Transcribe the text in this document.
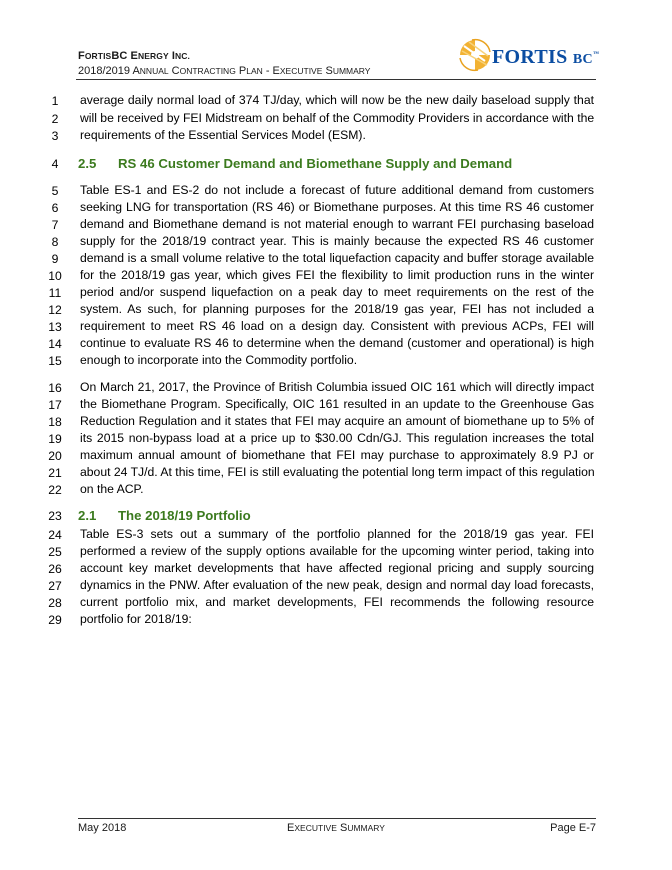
FORTISBC ENERGY INC.
2018/2019 ANNUAL CONTRACTING PLAN - EXECUTIVE SUMMARY
FORTIS BC™
1	average daily normal load of 374 TJ/day, which will now be the new daily baseload supply that
2	will be received by FEI Midstream on behalf of the Commodity Providers in accordance with the
3	requirements of the Essential Services Model (ESM).
4	2.5 RS 46 Customer Demand and Biomethane Supply and Demand
5	Table ES-1 and ES-2 do not include a forecast of future additional demand from customers
6	seeking LNG for transportation (RS 46) or Biomethane purposes. At this time RS 46 customer
7	demand and Biomethane demand is not material enough to warrant FEI purchasing baseload
8	supply for the 2018/19 contract year. This is mainly because the expected RS 46 customer
9	demand is a small volume relative to the total liquefaction capacity and buffer storage available
10	for the 2018/19 gas year, which gives FEI the flexibility to limit production runs in the winter
11	period and/or suspend liquefaction on a peak day to meet requirements on the rest of the
12	system. As such, for planning purposes for the 2018/19 gas year, FEI has not included a
13	requirement to meet RS 46 load on a design day. Consistent with previous ACPs, FEI will
14	continue to evaluate RS 46 to determine when the demand (customer and operational) is high
15	enough to incorporate into the Commodity portfolio.
16	On March 21, 2017, the Province of British Columbia issued OIC 161 which will directly impact
17	the Biomethane Program. Specifically, OIC 161 resulted in an update to the Greenhouse Gas
18	Reduction Regulation and it states that FEI may acquire an amount of biomethane up to 5% of
19	its 2015 non-bypass load at a price up to $30.00 Cdn/GJ. This regulation increases the total
20	maximum annual amount of biomethane that FEI may purchase to approximately 8.9 PJ or
21	about 24 TJ/d. At this time, FEI is still evaluating the potential long term impact of this regulation
22	on the ACP.
23	2.1 The 2018/19 Portfolio
24	Table ES-3 sets out a summary of the portfolio planned for the 2018/19 gas year. FEI
25	performed a review of the supply options available for the upcoming winter period, taking into
26	account key market developments that have affected regional pricing and supply sourcing
27	dynamics in the PNW. After evaluation of the new peak, design and normal day load forecasts,
28	current portfolio mix, and market developments, FEI recommends the following resource
29	portfolio for 2018/19:
May 2018	EXECUTIVE SUMMARY	Page E-7
